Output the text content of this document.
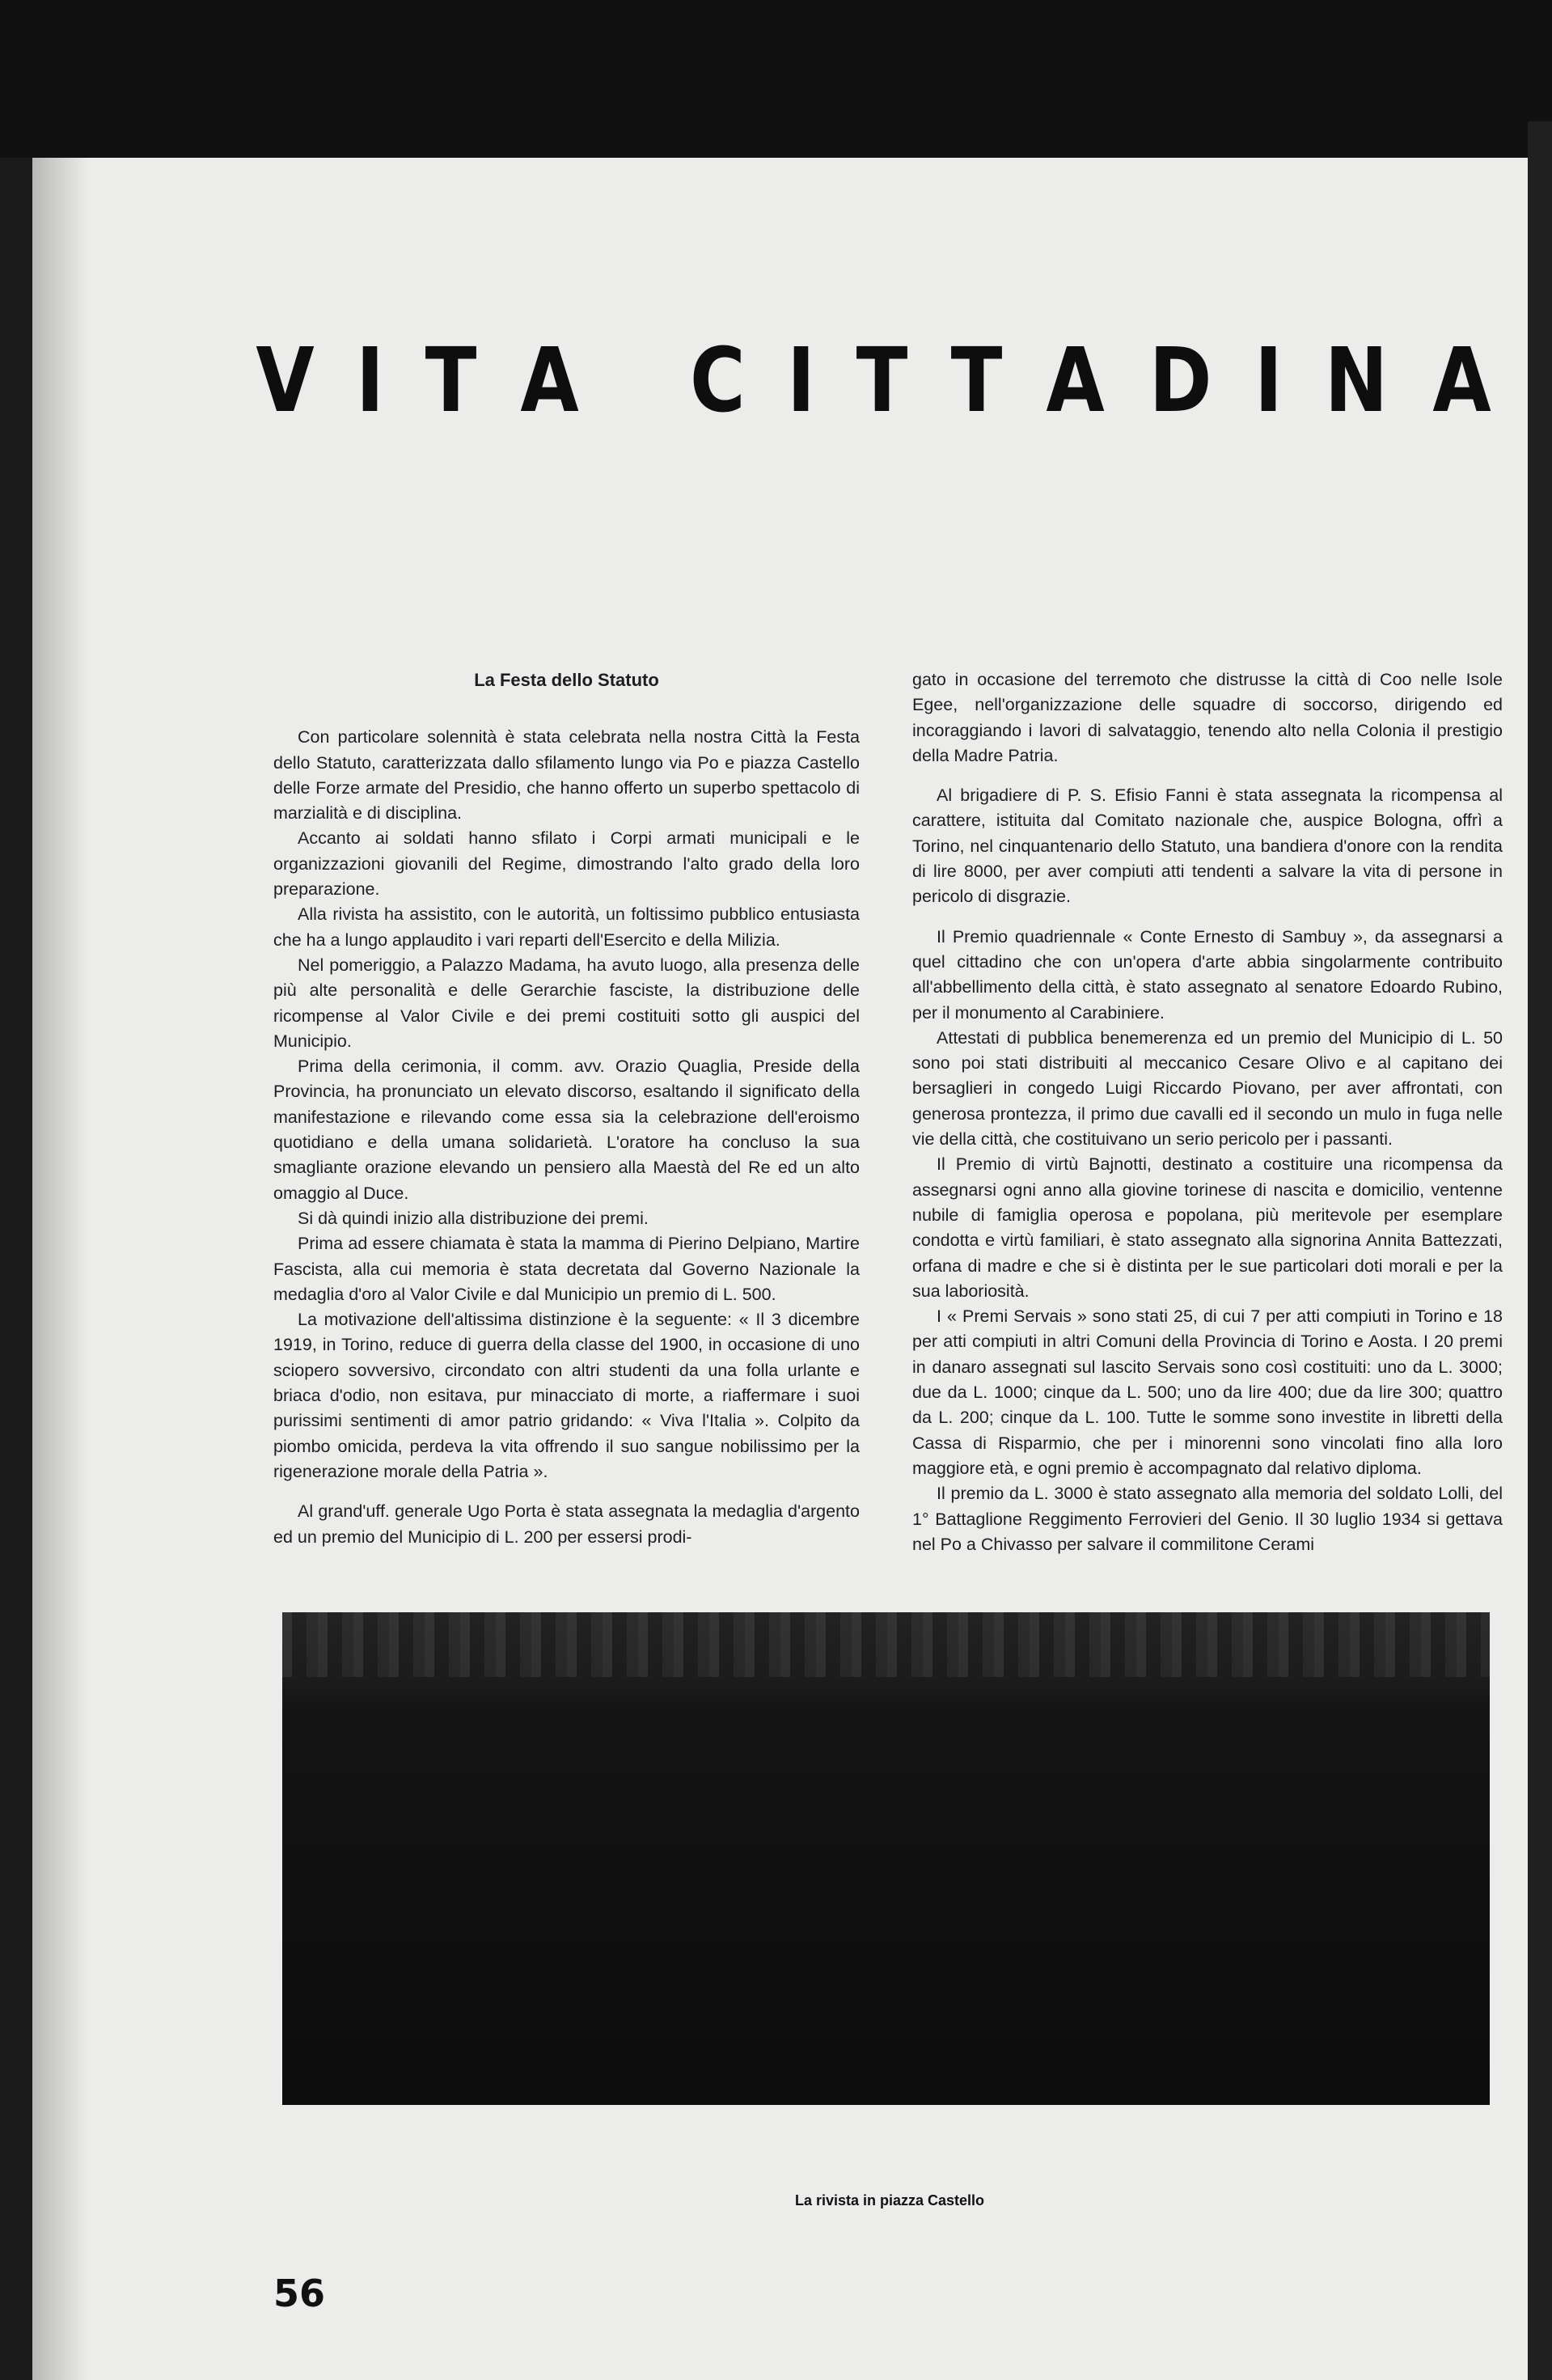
V I T A C I T T A D I N A
La Festa dello Statuto

Con particolare solennità è stata celebrata nella nostra Città la Festa dello Statuto, caratterizzata dallo sfilamento lungo via Po e piazza Castello delle Forze armate del Presidio, che hanno offerto un superbo spettacolo di marzialità e di disciplina.

Accanto ai soldati hanno sfilato i Corpi armati municipali e le organizzazioni giovanili del Regime, dimostrando l'alto grado della loro preparazione.

Alla rivista ha assistito, con le autorità, un foltissimo pubblico entusiasta che ha a lungo applaudito i vari reparti dell'Esercito e della Milizia.

Nel pomeriggio, a Palazzo Madama, ha avuto luogo, alla presenza delle più alte personalità e delle Gerarchie fasciste, la distribuzione delle ricompense al Valor Civile e dei premi costituiti sotto gli auspici del Municipio.

Prima della cerimonia, il comm. avv. Orazio Quaglia, Preside della Provincia, ha pronunciato un elevato discorso, esaltando il significato della manifestazione e rilevando come essa sia la celebrazione dell'eroismo quotidiano e della umana solidarietà. L'oratore ha concluso la sua smagliante orazione elevando un pensiero alla Maestà del Re ed un alto omaggio al Duce.

Si dà quindi inizio alla distribuzione dei premi.

Prima ad essere chiamata è stata la mamma di Pierino Delpiano, Martire Fascista, alla cui memoria è stata decretata dal Governo Nazionale la medaglia d'oro al Valor Civile e dal Municipio un premio di L. 500.

La motivazione dell'altissima distinzione è la seguente: « Il 3 dicembre 1919, in Torino, reduce di guerra della classe del 1900, in occasione di uno sciopero sovversivo, circondato con altri studenti da una folla urlante e briaca d'odio, non esitava, pur minacciato di morte, a riaffermare i suoi purissimi sentimenti di amor patrio gridando: « Viva l'Italia ». Colpito da piombo omicida, perdeva la vita offrendo il suo sangue nobilissimo per la rigenerazione morale della Patria ».

Al grand'uff. generale Ugo Porta è stata assegnata la medaglia d'argento ed un premio del Municipio di L. 200 per essersi prodi-

gato in occasione del terremoto che distrusse la città di Coo nelle Isole Egee, nell'organizzazione delle squadre di soccorso, dirigendo ed incoraggiando i lavori di salvataggio, tenendo alto nella Colonia il prestigio della Madre Patria.

Al brigadiere di P. S. Efisio Fanni è stata assegnata la ricompensa al carattere, istituita dal Comitato nazionale che, auspice Bologna, offrì a Torino, nel cinquantenario dello Statuto, una bandiera d'onore con la rendita di lire 8000, per aver compiuti atti tendenti a salvare la vita di persone in pericolo di disgrazie.

Il Premio quadriennale « Conte Ernesto di Sambuy », da assegnarsi a quel cittadino che con un'opera d'arte abbia singolarmente contribuito all'abbellimento della città, è stato assegnato al senatore Edoardo Rubino, per il monumento al Carabiniere.

Attestati di pubblica benemerenza ed un premio del Municipio di L. 50 sono poi stati distribuiti al meccanico Cesare Olivo e al capitano dei bersaglieri in congedo Luigi Riccardo Piovano, per aver affrontati, con generosa prontezza, il primo due cavalli ed il secondo un mulo in fuga nelle vie della città, che costituivano un serio pericolo per i passanti.

Il Premio di virtù Bajnotti, destinato a costituire una ricompensa da assegnarsi ogni anno alla giovine torinese di nascita e domicilio, ventenne nubile di famiglia operosa e popolana, più meritevole per esemplare condotta e virtù familiari, è stato assegnato alla signorina Annita Battezzati, orfana di madre e che si è distinta per le sue particolari doti morali e per la sua laboriosità.

I « Premi Servais » sono stati 25, di cui 7 per atti compiuti in Torino e 18 per atti compiuti in altri Comuni della Provincia di Torino e Aosta. I 20 premi in danaro assegnati sul lascito Servais sono così costituiti: uno da L. 3000; due da L. 1000; cinque da L. 500; uno da lire 400; due da lire 300; quattro da L. 200; cinque da L. 100. Tutte le somme sono investite in libretti della Cassa di Risparmio, che per i minorenni sono vincolati fino alla loro maggiore età, e ogni premio è accompagnato dal relativo diploma.

Il premio da L. 3000 è stato assegnato alla memoria del soldato Lolli, del 1° Battaglione Reggimento Ferrovieri del Genio. Il 30 luglio 1934 si gettava nel Po a Chivasso per salvare il commilitone Cerami

La rivista in piazza Castello
56
